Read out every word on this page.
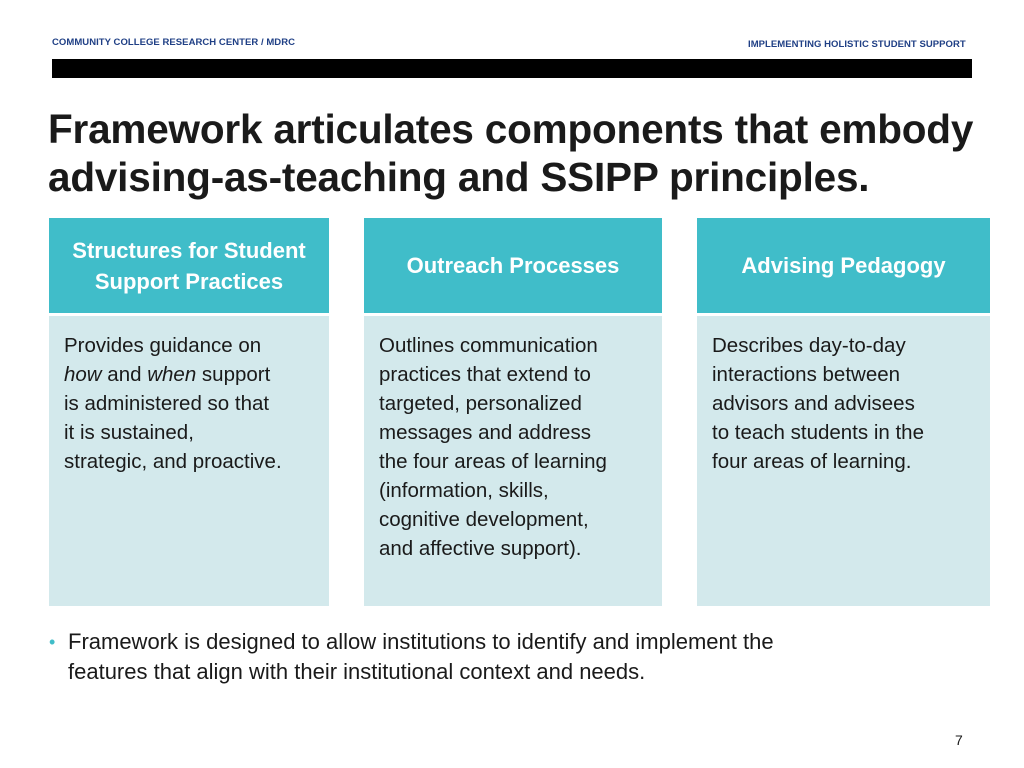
COMMUNITY COLLEGE RESEARCH CENTER / MDRC	IMPLEMENTING HOLISTIC STUDENT SUPPORT
Framework articulates components that embody
advising-as-teaching and SSIPP principles.
Structures for Student
Support Practices
Provides guidance on
how and when support
is administered so that
it is sustained,
strategic, and proactive.
Outreach Processes
Outlines communication
practices that extend to
targeted, personalized
messages and address
the four areas of learning
(information, skills,
cognitive development,
and affective support).
Advising Pedagogy
Describes day-to-day
interactions between
advisors and advisees
to teach students in the
four areas of learning.
• Framework is designed to allow institutions to identify and implement the
features that align with their institutional context and needs.
7
